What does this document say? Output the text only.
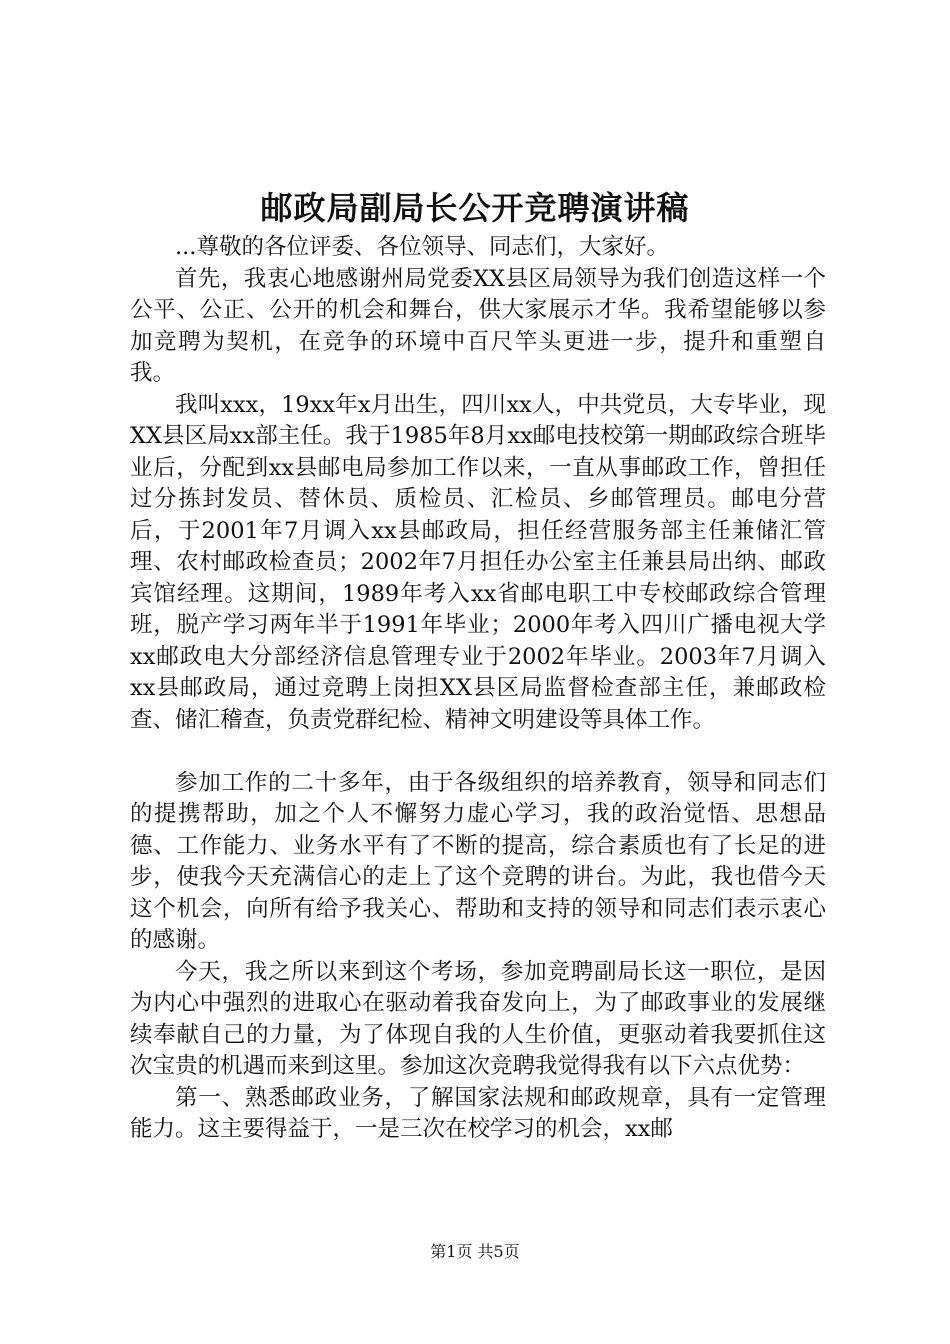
邮政局副局长公开竞聘演讲稿

...尊敬的各位评委、各位领导、同志们，大家好。

首先，我衷心地感谢州局党委XX县区局领导为我们创造这样一个公平、公正、公开的机会和舞台，供大家展示才华。我希望能够以参加竞聘为契机，在竞争的环境中百尺竿头更进一步，提升和重塑自我。

我叫xxx，19xx年x月出生，四川xx人，中共党员，大专毕业，现XX县区局xx部主任。我于1985年8月xx邮电技校第一期邮政综合班毕业后，分配到xx县邮电局参加工作以来，一直从事邮政工作，曾担任过分拣封发员、替休员、质检员、汇检员、乡邮管理员。邮电分营后，于2001年7月调入xx县邮政局，担任经营服务部主任兼储汇管理、农村邮政检查员；2002年7月担任办公室主任兼县局出纳、邮政宾馆经理。这期间，1989年考入xx省邮电职工中专校邮政综合管理班，脱产学习两年半于1991年毕业；2000年考入四川广播电视大学xx邮政电大分部经济信息管理专业于2002年毕业。2003年7月调入xx县邮政局，通过竞聘上岗担XX县区局监督检查部主任，兼邮政检查、储汇稽查，负责党群纪检、精神文明建设等具体工作。

参加工作的二十多年，由于各级组织的培养教育，领导和同志们的提携帮助，加之个人不懈努力虚心学习，我的政治觉悟、思想品德、工作能力、业务水平有了不断的提高，综合素质也有了长足的进步，使我今天充满信心的走上了这个竞聘的讲台。为此，我也借今天这个机会，向所有给予我关心、帮助和支持的领导和同志们表示衷心的感谢。

今天，我之所以来到这个考场，参加竞聘副局长这一职位，是因为内心中强烈的进取心在驱动着我奋发向上，为了邮政事业的发展继续奉献自己的力量，为了体现自我的人生价值，更驱动着我要抓住这次宝贵的机遇而来到这里。参加这次竞聘我觉得我有以下六点优势：

第一、熟悉邮政业务，了解国家法规和邮政规章，具有一定管理能力。这主要得益于，一是三次在校学习的机会，xx邮

第1页 共5页
